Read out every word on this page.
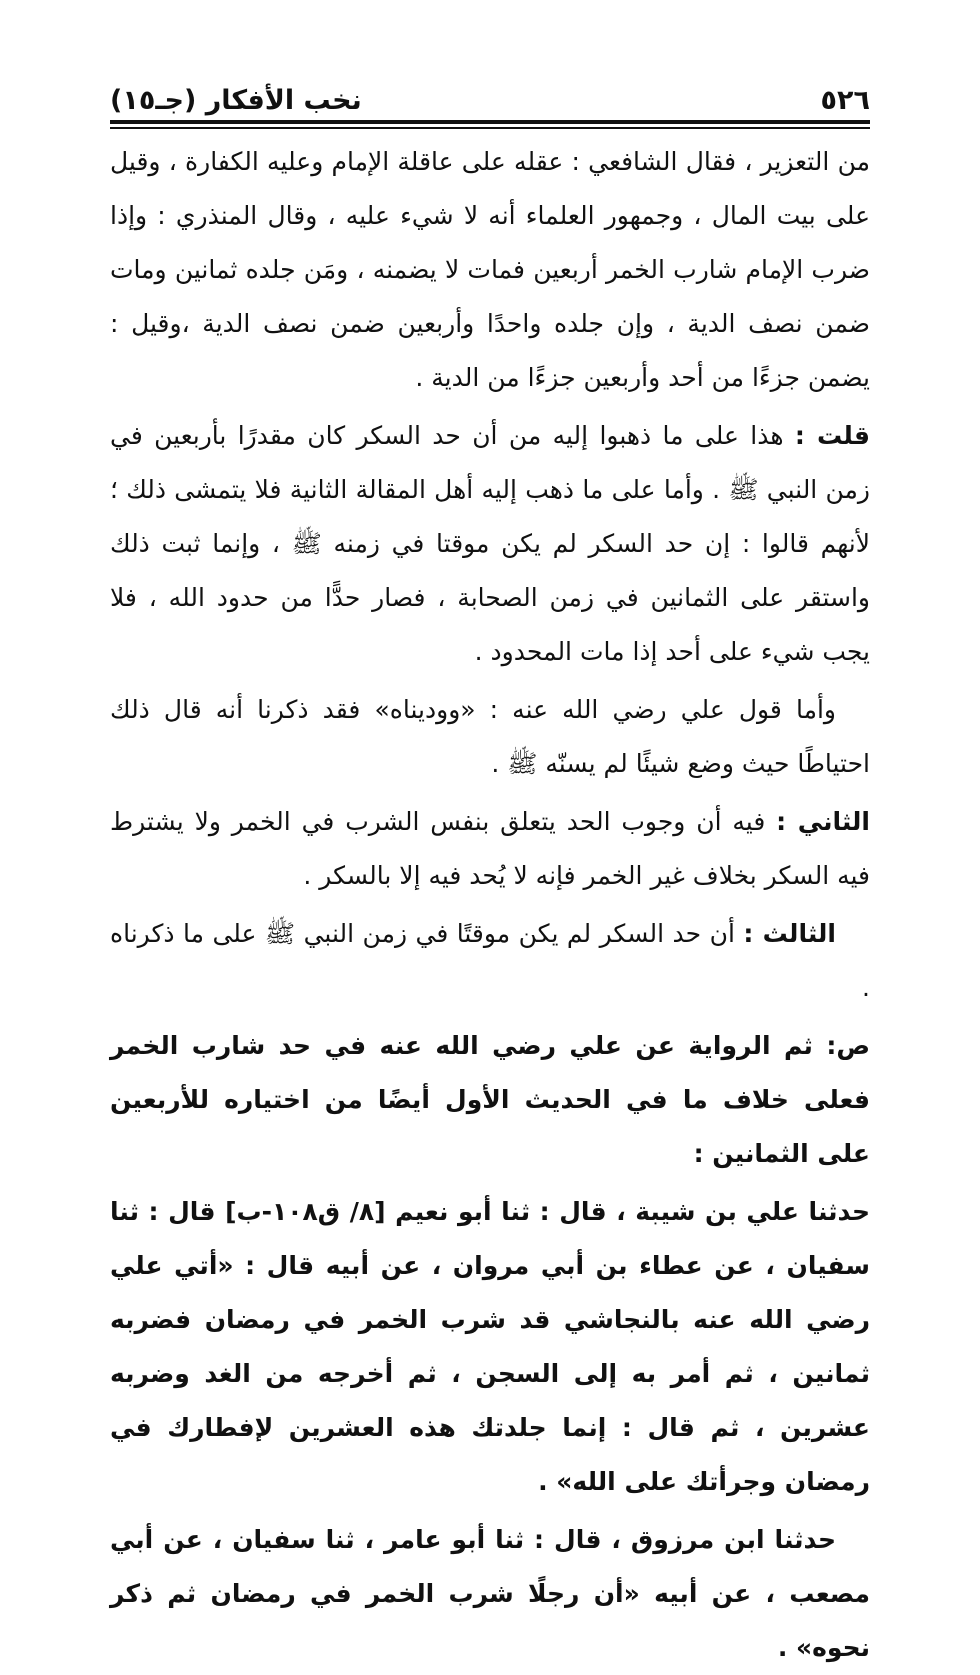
٥٢٦
نخب الأفكار (جـ١٥)

من التعزير ، فقال الشافعي : عقله على عاقلة الإمام وعليه الكفارة ، وقيل على بيت المال ، وجمهور العلماء أنه لا شيء عليه ، وقال المنذري : وإذا ضرب الإمام شارب الخمر أربعين فمات لا يضمنه ، ومَن جلده ثمانين ومات ضمن نصف الدية ، وإن جلده واحدًا وأربعين ضمن نصف الدية ،وقيل : يضمن جزءًا من أحد وأربعين جزءًا من الدية .

قلت : هذا على ما ذهبوا إليه من أن حد السكر كان مقدرًا بأربعين في زمن النبي ﷺ . وأما على ما ذهب إليه أهل المقالة الثانية فلا يتمشى ذلك ؛ لأنهم قالوا : إن حد السكر لم يكن موقتا في زمنه ﷺ ، وإنما ثبت ذلك واستقر على الثمانين في زمن الصحابة ، فصار حدًّا من حدود الله ، فلا يجب شيء على أحد إذا مات المحدود .

وأما قول علي رضي الله عنه : «ووديناه» فقد ذكرنا أنه قال ذلك احتياطًا حيث وضع شيئًا لم يسنّه ﷺ .

الثاني : فيه أن وجوب الحد يتعلق بنفس الشرب في الخمر ولا يشترط فيه السكر بخلاف غير الخمر فإنه لا يُحد فيه إلا بالسكر .

الثالث : أن حد السكر لم يكن موقتًا في زمن النبي ﷺ على ما ذكرناه .

ص: ثم الرواية عن علي رضي الله عنه في حد شارب الخمر فعلى خلاف ما في الحديث الأول أيضًا من اختياره للأربعين على الثمانين :

حدثنا علي بن شيبة ، قال : ثنا أبو نعيم [٨/ ق١٠٨-ب] قال : ثنا سفيان ، عن عطاء بن أبي مروان ، عن أبيه قال : «أتي علي رضي الله عنه بالنجاشي قد شرب الخمر في رمضان فضربه ثمانين ، ثم أمر به إلى السجن ، ثم أخرجه من الغد وضربه عشرين ، ثم قال : إنما جلدتك هذه العشرين لإفطارك في رمضان وجرأتك على الله» .

حدثنا ابن مرزوق ، قال : ثنا أبو عامر ، ثنا سفيان ، عن أبي مصعب ، عن أبيه «أن رجلًا شرب الخمر في رمضان ثم ذكر نحوه» .
